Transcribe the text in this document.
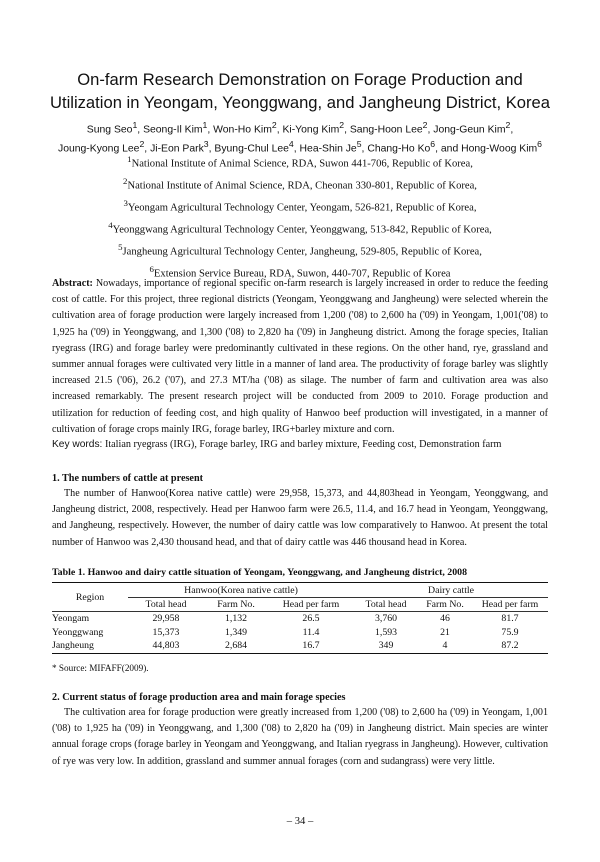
On-farm Research Demonstration on Forage Production and
Utilization in Yeongam, Yeonggwang, and Jangheung District, Korea
Sung Seo$^1$, Seong-Il Kim$^1$, Won-Ho Kim$^2$, Ki-Yong Kim$^2$, Sang-Hoon Lee$^2$, Jong-Geun Kim$^2$,
Joung-Kyong Lee$^2$, Ji-Eon Park$^3$, Byung-Chul Lee$^4$, Hea-Shin Je$^5$, Chang-Ho Ko$^6$, and Hong-Woog Kim$^6$
$^1$National Institute of Animal Science, RDA, Suwon 441-706, Republic of Korea,
$^2$National Institute of Animal Science, RDA, Cheonan 330-801, Republic of Korea,
$^3$Yeongam Agricultural Technology Center, Yeongam, 526-821, Republic of Korea,
$^4$Yeonggwang Agricultural Technology Center, Yeonggwang, 513-842, Republic of Korea,
$^5$Jangheung Agricultural Technology Center, Jangheung, 529-805, Republic of Korea,
$^6$Extension Service Bureau, RDA, Suwon, 440-707, Republic of Korea
Abstract: Nowadays, importance of regional specific on-farm research is largely increased in order to reduce the feeding cost of cattle. For this project, three regional districts (Yeongam, Yeonggwang and Jangheung) were selected wherein the cultivation area of forage production were largely increased from 1,200 ('08) to 2,600 ha ('09) in Yeongam, 1,001('08) to 1,925 ha ('09) in Yeonggwang, and 1,300 ('08) to 2,820 ha ('09) in Jangheung district. Among the forage species, Italian ryegrass (IRG) and forage barley were predominantly cultivated in these regions. On the other hand, rye, grassland and summer annual forages were cultivated very little in a manner of land area. The productivity of forage barley was slightly increased 21.5 ('06), 26.2 ('07), and 27.3 MT/ha ('08) as silage. The number of farm and cultivation area was also increased remarkably. The present research project will be conducted from 2009 to 2010. Forage production and utilization for reduction of feeding cost, and high quality of Hanwoo beef production will investigated, in a manner of cultivation of forage crops mainly IRG, forage barley, IRG+barley mixture and corn.
Key words: Italian ryegrass (IRG), Forage barley, IRG and barley mixture, Feeding cost, Demonstration farm
1. The numbers of cattle at present
The number of Hanwoo(Korea native cattle) were 29,958, 15,373, and 44,803head in Yeongam, Yeonggwang, and Jangheung district, 2008, respectively. Head per Hanwoo farm were 26.5, 11.4, and 16.7 head in Yeongam, Yeonggwang, and Jangheung, respectively. However, the number of dairy cattle was low comparatively to Hanwoo. At present the total number of Hanwoo was 2,430 thousand head, and that of dairy cattle was 446 thousand head in Korea.
Table 1. Hanwoo and dairy cattle situation of Yeongam, Yeonggwang, and Jangheung district, 2008
Region	Hanwoo(Korea native cattle)			Dairy cattle		
	Total head	Farm No.	Head per farm	Total head	Farm No.	Head per farm
Yeongam	29,958	1,132	26.5	3,760	46	81.7
Yeonggwang	15,373	1,349	11.4	1,593	21	75.9
Jangheung	44,803	2,684	16.7	349	4	87.2
* Source: MIFAFF(2009).
2. Current status of forage production area and main forage species
The cultivation area for forage production were greatly increased from 1,200 ('08) to 2,600 ha ('09) in Yeongam, 1,001 ('08) to 1,925 ha ('09) in Yeonggwang, and 1,300 ('08) to 2,820 ha ('09) in Jangheung district. Main species are winter annual forage crops (forage barley in Yeongam and Yeonggwang, and Italian ryegrass in Jangheung). However, cultivation of rye was very low. In addition, grassland and summer annual forages (corn and sudangrass) were very little.
– 34 –
